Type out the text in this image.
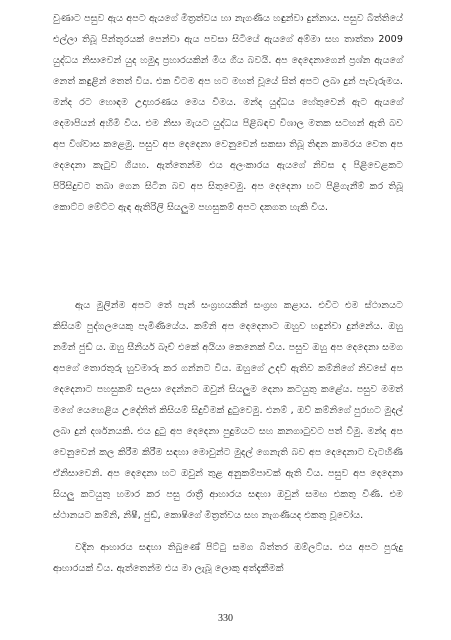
වුණාට පසුව ඇය අපට ඇයගේ මිත්‍රත්වය හා නැගණිය හඳුන්වා දුන්නාය. පසුව බිත්තියේ එල්ලා තිබූ පින්තූරයක් පෙන්වා ඇය පවසා සිටියේ ඇයගේ අම්මා සහ තාත්තා 2009 යුද්ධය නිසාවෙන් යුද හමුදා ප්‍රහාරයකින් මිය ගිය බවයි. අප දෙදෙනාගෙන් ප්‍රශ්න ඇයගේ නෙත් කඳුළින් තෙත් විය. එක විටම අප හට මහත් වූයේ සිත් අපට ලබා දුන් පැවැරුමය. මන්ද රට හොඳම උදාහරණය මෙය වීමය. මන්ද යුද්ධය හේතුවෙන් ඇට ඇයගේ දෙමාපියන් අහිමි විය. එම නිසා මැයට යුද්ධය පිළිබඳව විශාල මතක සටහන් ඇති බව අප විශ්වාස කළෙමු. පසුව අප දෙදෙනා වෙනුවෙන් සකසා තිබූ තිඳන කාමරය වෙත අප දෙදෙනා කැටුව ගියහ. ඇත්තෙන්ම එය අලංකාරය ඇයගේ නිවස ද පිළිවෙළකට පිරිසිදුවට තබා ගෙන සිටින බව අප සිතුවෙමු. අප දෙදෙනා හට පිළිගැනීම් කර තිබූ කොට්ට මේට්ට ඇඳ ඇතිරිලි සියලුම පහසුකම් අපට දකගත හැකි විය.

ඇය මුලින්ම අපට තේ පැන් සංග්‍රහයකින් සංග්‍රහ කළාය. එවිට එම ස්ථානයට කිසියම් පුද්ගලයෙකු පැමිණියේය. කම්නි අප දෙදෙනාට ඔහුව හඳුන්වා දුන්නේය. ඔහු නමින් ජුඩ් ය. ඔහු සීනියර් බෑච් එකේ අයියා කෙනෙක් විය. පසුව ඔහු අප දෙදෙනා සමග අපගේ තොරතුරු හුවමාරු කර ගන්නට විය. ඔහුගේ උදව් ඇතිව කම්නිගේ නිවසේ අප දෙදෙනාට පහසුකම් සලසා දෙන්නට ඔවුන් සියලුම දෙනා කටයුතු කළේය. පසුව මමත් මගේ යෙහෙළිය උදේනිත් කිසියම් සිදුවීමක් දුටුවෙමු. එනම් , ඔව් කම්නිගේ පුරහට මුදල් ලබා දුන් දර්ශනයකි. එය දුටු අප දෙදෙනා පුදුමයට සහ කනගාටුවට පත් වීමු. මන්ද අප වෙනුවෙන් කල කිරීම කිරීම සඳහා මොවුන්ට මුදල් ගෙනැති බව අප දෙදෙනාට වැටහිණි ඒනිසාවෙනි. අප දෙදෙනා හට ඔවුන් තුළ අනුකම්පාවක් ඇති විය. පසුව අප දෙදෙනා සියලු කටයුතු හමාර කර පසු රාත්‍රී ආහාරය සඳහා ඔවුන් සමඟ එකතු විණි. එම ස්ථානයට කම්නි, නිෂී, ජුඩ්, කොෂිගේ මිත්‍රත්වය සහ නැගණියද එකතු වූවෝය.

වදින ආහාරය සඳහා තිබුණේ පිට්ටු සමග බිත්තර ඔම්ලට්ය. එය අපට පුරුදු ආහාරයක් විය. ඇත්තෙන්ම එය මා ලැබූ ලොකු අත්දැකීමක්

330
